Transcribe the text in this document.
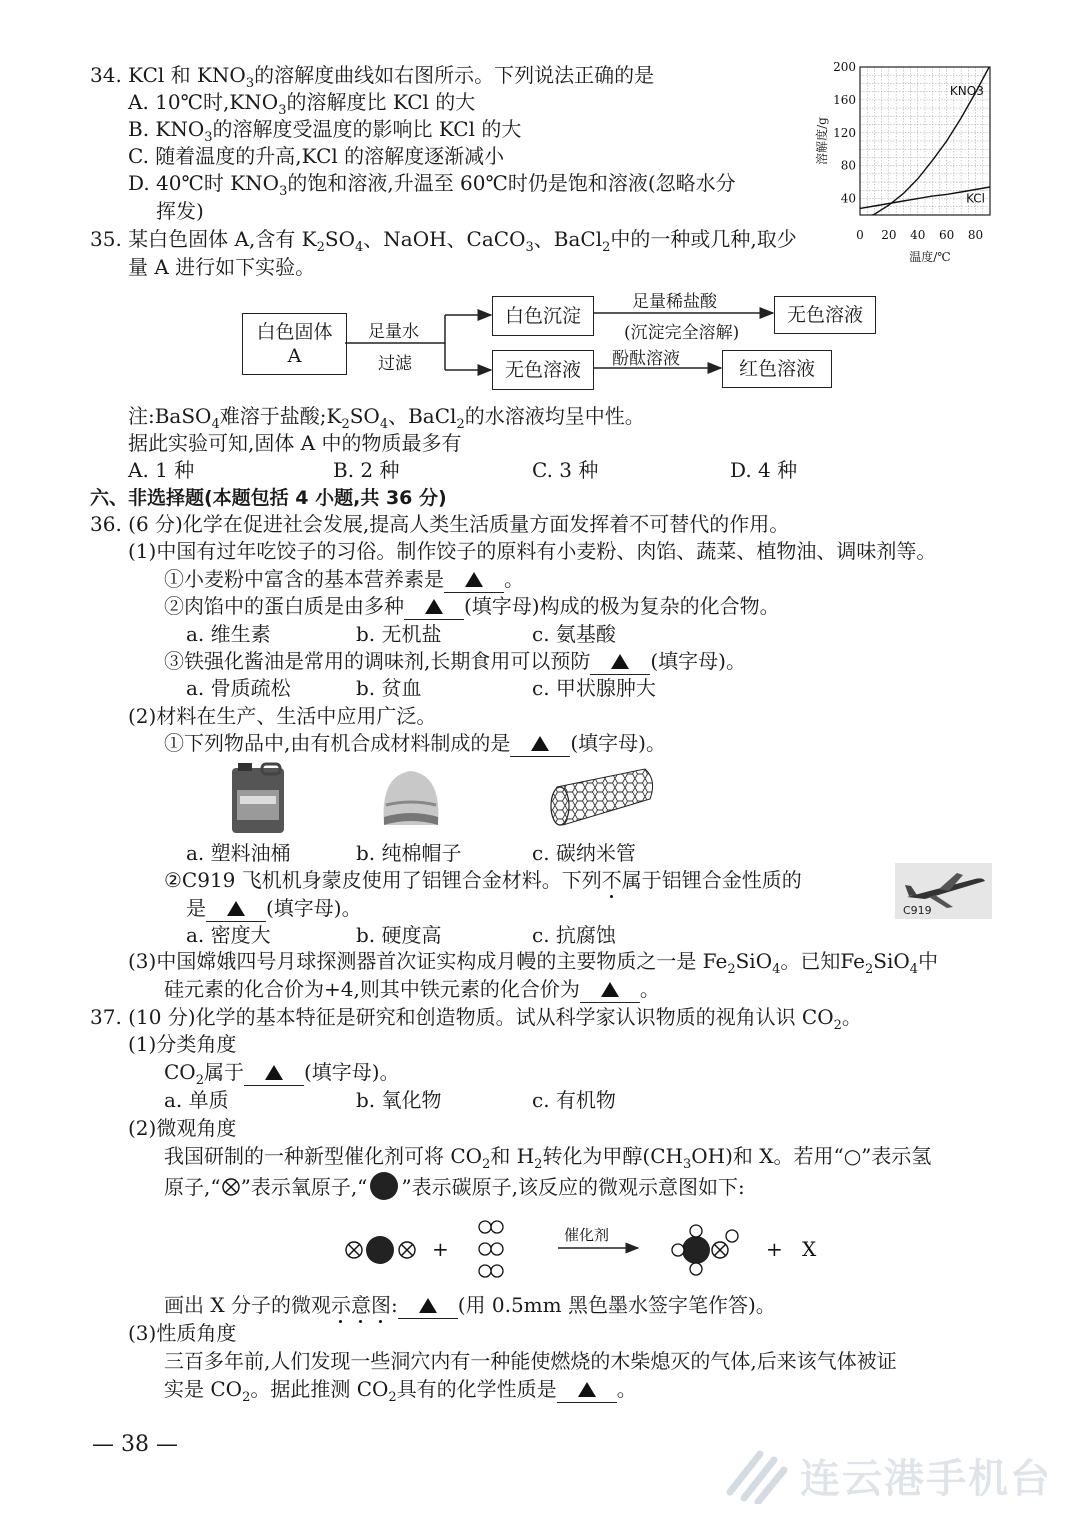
34. KCl 和 $KNO_3$的溶解度曲线如右图所示。下列说法正确的是
A. 10℃时$,KNO_3$的溶解度比 KCl 的大
B. $KNO_3$的溶解度受温度的影响比 KCl 的大
C. 随着温度的升高,KCl 的溶解度逐渐减小
D. 40℃时 $KNO_3$的饱和溶液,升温至 60℃时仍是饱和溶液(忽略水分
挥发)
40
80
120
160
200
0 20 40 60 80
温度/℃
溶解度/g
KNO3
KCl
35. 某白色固体 A,含有 $K_2SO_4$、NaOH、CaCO$_3$、BaCl$_2$中的一种或几种,取少
量 A 进行如下实验。
白色固体
A
白色沉淀
无色溶液
无色溶液
红色溶液
足量水
过滤
足量稀盐酸
(沉淀完全溶解)
酚酞溶液
注:BaSO$_4$难溶于盐酸$;K_2SO_4$、BaCl$_2$的水溶液均呈中性。
据此实验可知,固体 A 中的物质最多有
A. 1 种	B. 2 种	C. 3 种	D. 4 种
六、非选择题(本题包括 4 小题,共 36 分)
36. (6 分)化学在促进社会发展,提高人类生活质量方面发挥着不可替代的作用。
(1)中国有过年吃饺子的习俗。制作饺子的原料有小麦粉、肉馅、蔬菜、植物油、调味剂等。
①小麦粉中富含的基本营养素是	。
②肉馅中的蛋白质是由多种	(填字母)构成的极为复杂的化合物。
a. 维生素	b. 无机盐	c. 氨基酸
③铁强化酱油是常用的调味剂,长期食用可以预防	(填字母)。
a. 骨质疏松	b. 贫血	c. 甲状腺肿大
(2)材料在生产、生活中应用广泛。
①下列物品中,由有机合成材料制成的是	(填字母)。
a. 塑料油桶	b. 纯棉帽子	c. 碳纳米管
②C919 飞机机身蒙皮使用了铝锂合金材料。下列不属于铝锂合金性质的
是	(填字母)。	C919
a. 密度大	b. 硬度高	c. 抗腐蚀
(3)中国嫦娥四号月球探测器首次证实构成月幔的主要物质之一是 $Fe_2SiO_4$。已知$Fe_2SiO_4$中
硅元素的化合价为+4,则其中铁元素的化合价为	。
37. (10 分)化学的基本特征是研究和创造物质。试从科学家认识物质的视角认识 $CO_2$。
(1)分类角度
$CO_2$属于	(填字母)。
a. 单质	b. 氧化物	c. 有机物
(2)微观角度
我国研制的一种新型催化剂可将 $CO_2$和 $H_2$转化为甲醇$(CH_3OH)$和 X。若用“○”表示氢
原子,“ ”表示氧原子,“ ”表示碳原子,该反应的微观示意图如下:
+
催化剂
+ X
画出 X 分子的微观示意图:	(用 0.5mm 黑色墨水签字笔作答)。
(3)性质角度
三百多年前,人们发现一些洞穴内有一种能使燃烧的木柴熄灭的气体,后来该气体被证
实是 $CO_2$。据此推测 $CO_2$具有的化学性质是	。
— 38 —
连云港手机台
